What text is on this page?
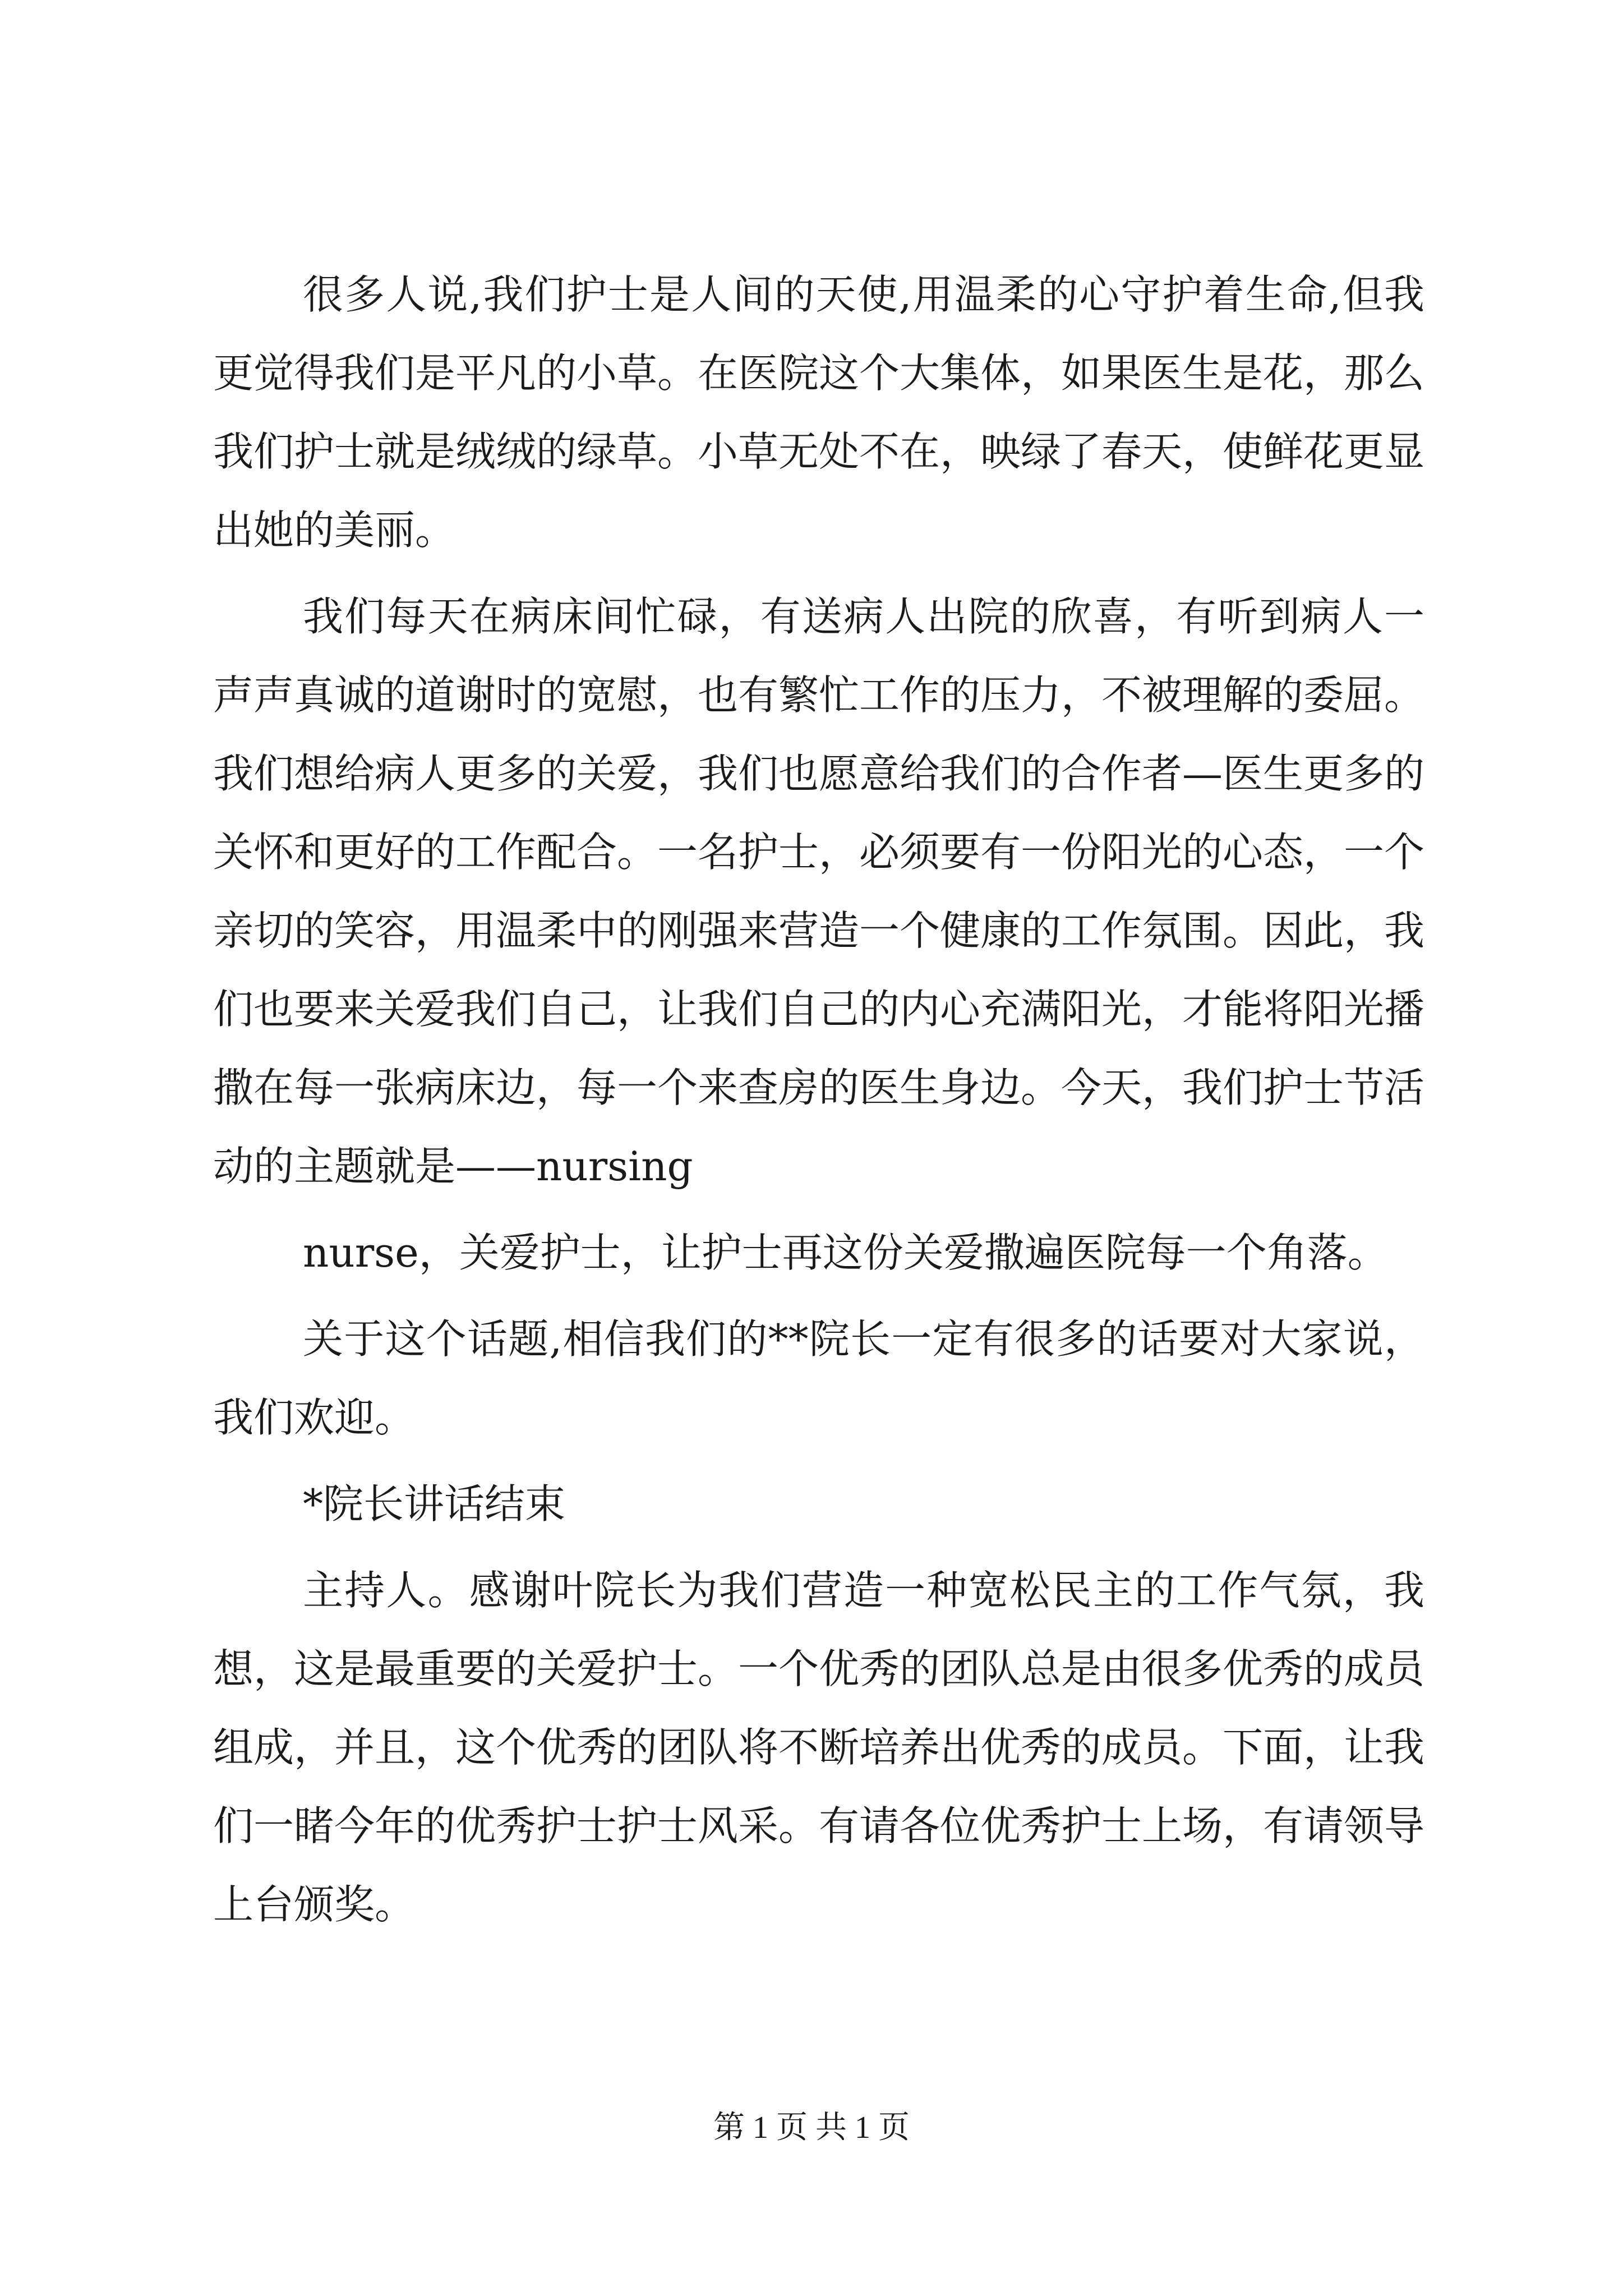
很多人说,我们护士是人间的天使,用温柔的心守护着生命,但我更觉得我们是平凡的小草。在医院这个大集体，如果医生是花，那么我们护士就是绒绒的绿草。小草无处不在，映绿了春天，使鲜花更显出她的美丽。

我们每天在病床间忙碌，有送病人出院的欣喜，有听到病人一声声真诚的道谢时的宽慰，也有繁忙工作的压力，不被理解的委屈。我们想给病人更多的关爱，我们也愿意给我们的合作者—医生更多的关怀和更好的工作配合。一名护士，必须要有一份阳光的心态，一个亲切的笑容，用温柔中的刚强来营造一个健康的工作氛围。因此，我们也要来关爱我们自己，让我们自己的内心充满阳光，才能将阳光播撒在每一张病床边，每一个来查房的医生身边。今天，我们护士节活动的主题就是——nursing

nurse，关爱护士，让护士再这份关爱撒遍医院每一个角落。

关于这个话题,相信我们的**院长一定有很多的话要对大家说，我们欢迎。

*院长讲话结束

主持人。感谢叶院长为我们营造一种宽松民主的工作气氛，我想，这是最重要的关爱护士。一个优秀的团队总是由很多优秀的成员组成，并且，这个优秀的团队将不断培养出优秀的成员。下面，让我们一睹今年的优秀护士护士风采。有请各位优秀护士上场，有请领导上台颁奖。

第 1 页 共 1 页
